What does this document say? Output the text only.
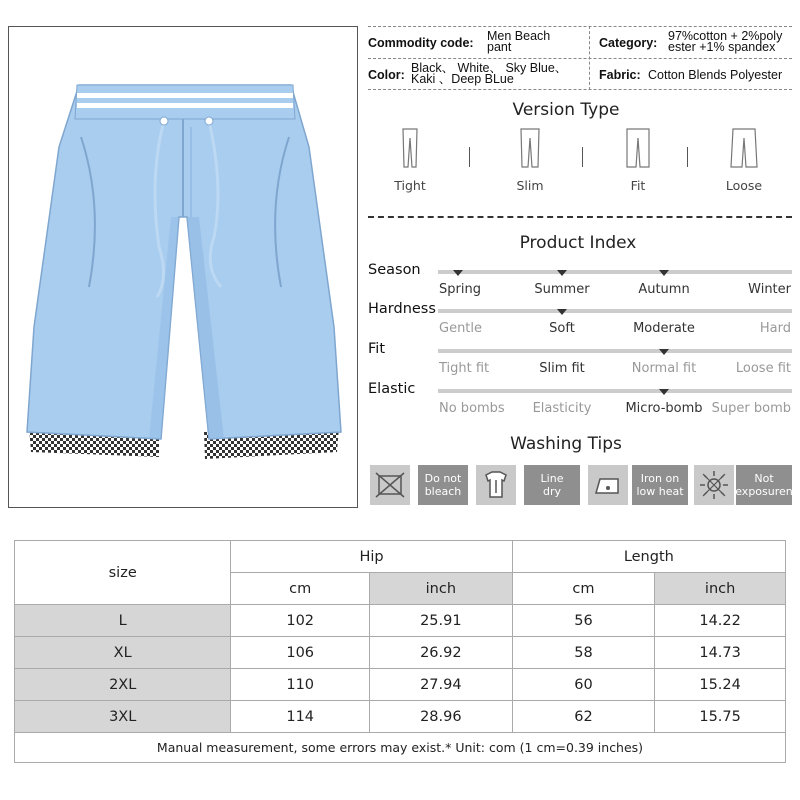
Commodity code: Men Beach
pant	Category: 97%cotton + 2%poly
ester +1% spandex
Color: Black、 White、 Sky Blue、
Kaki 、Deep BLue	Fabric: Cotton Blends Polyester
Version Type
Tight	Slim	Fit	Loose
Product Index
Season
Spring	Summer	Autumn	Winter
Hardness
Gentle	Soft	Moderate	Hard
Fit
Tight fit	Slim fit	Normal fit	Loose fit
Elastic
No bombs	Elasticity	Micro-bomb Super bomb
Washing Tips
Do not
bleach
Line
dry
Iron on
low heat
Not
exposuren
size	Hip		Length	
	cm	inch	cm	inch
L	102	25.91	56	14.22
XL	106	26.92	58	14.73
2XL	110	27.94	60	15.24
3XL	114	28.96	62	15.75
Manual measurement, some errors may exist.* Unit: com (1 cm=0.39 inches)				
